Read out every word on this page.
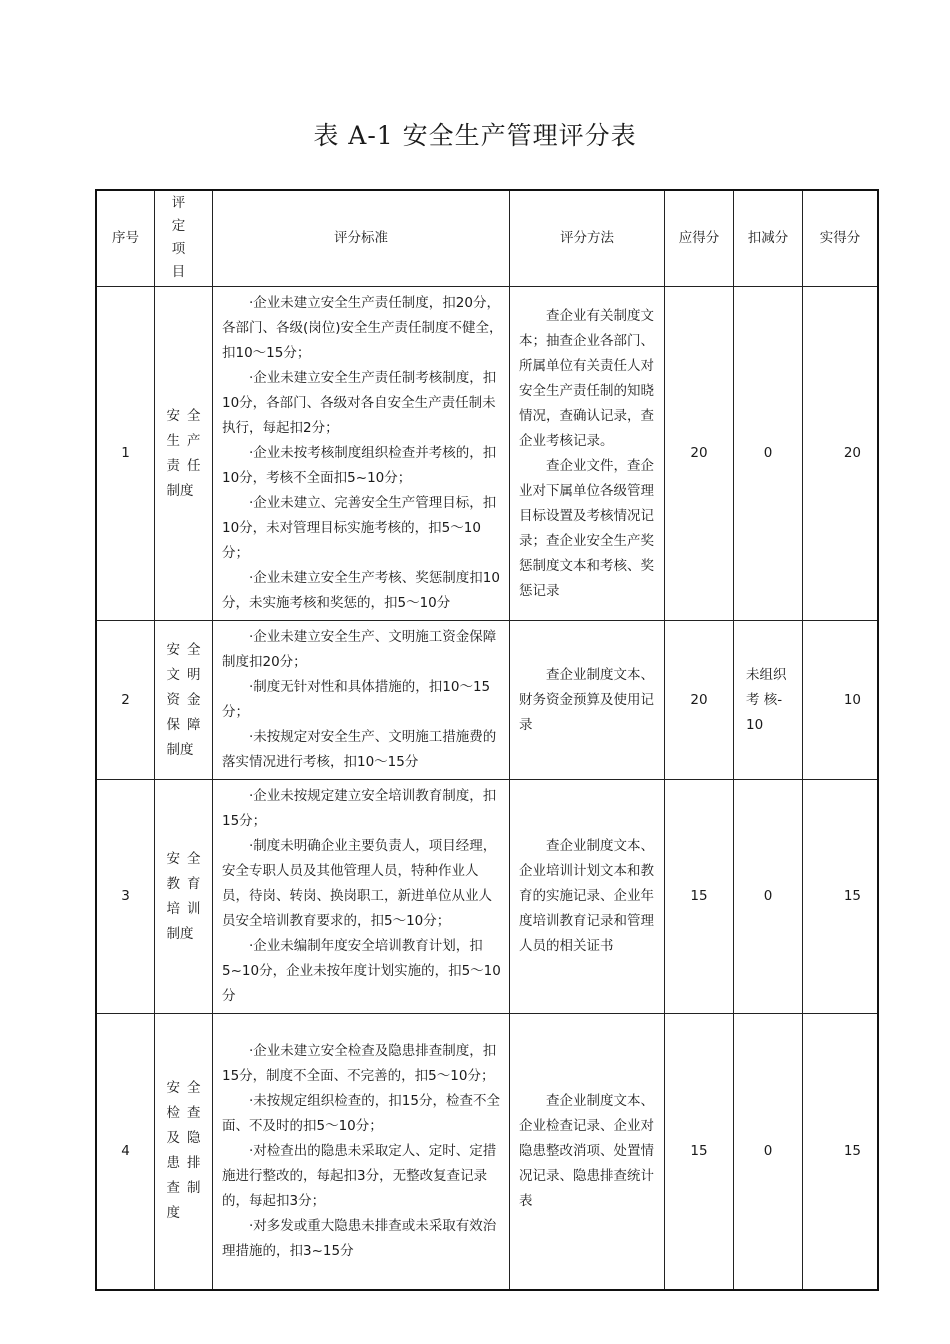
表 A-1 安全生产管理评分表
序号	评定项目	评分标准	评分方法	应得分	扣减分	实得分
1	安全生产责任制度	·企业未建立安全生产责任制度，扣20分，各部门、各级(岗位)安全生产责任制度不健全，扣10～15分；
·企业未建立安全生产责任制考核制度，扣10分，各部门、各级对各自安全生产责任制未执行，每起扣2分；
·企业未按考核制度组织检查并考核的，扣10分，考核不全面扣5~10分；
·企业未建立、完善安全生产管理目标，扣10分，未对管理目标实施考核的，扣5～10分；
·企业未建立安全生产考核、奖惩制度扣10分，未实施考核和奖惩的，扣5～10分	查企业有关制度文本；抽查企业各部门、所属单位有关责任人对安全生产责任制的知晓情况，查确认记录，查企业考核记录。
查企业文件，查企业对下属单位各级管理目标设置及考核情况记录；查企业安全生产奖惩制度文本和考核、奖惩记录	20	0	20
2	安全文明资金保障制度	·企业未建立安全生产、文明施工资金保障制度扣20分；
·制度无针对性和具体措施的，扣10～15分；
·未按规定对安全生产、文明施工措施费的落实情况进行考核，扣10～15分	查企业制度文本、财务资金预算及使用记录	20	未组织考 核-10	10
3	安全教育培训制度	·企业未按规定建立安全培训教育制度，扣15分；
·制度未明确企业主要负责人，项目经理，安全专职人员及其他管理人员，特种作业人员，待岗、转岗、换岗职工，新进单位从业人员安全培训教育要求的，扣5～10分；
·企业未编制年度安全培训教育计划，扣5~10分，企业未按年度计划实施的，扣5～10分	查企业制度文本、企业培训计划文本和教育的实施记录、企业年度培训教育记录和管理人员的相关证书	15	0	15
4	安全检查及隐患排查制度	·企业未建立安全检查及隐患排查制度，扣15分，制度不全面、不完善的，扣5～10分；
·未按规定组织检查的，扣15分，检查不全面、不及时的扣5～10分；
·对检查出的隐患未采取定人、定时、定措施进行整改的，每起扣3分，无整改复查记录的，每起扣3分；
·对多发或重大隐患未排查或未采取有效治理措施的，扣3~15分	查企业制度文本、企业检查记录、企业对隐患整改消项、处置情况记录、隐患排查统计表	15	0	15
